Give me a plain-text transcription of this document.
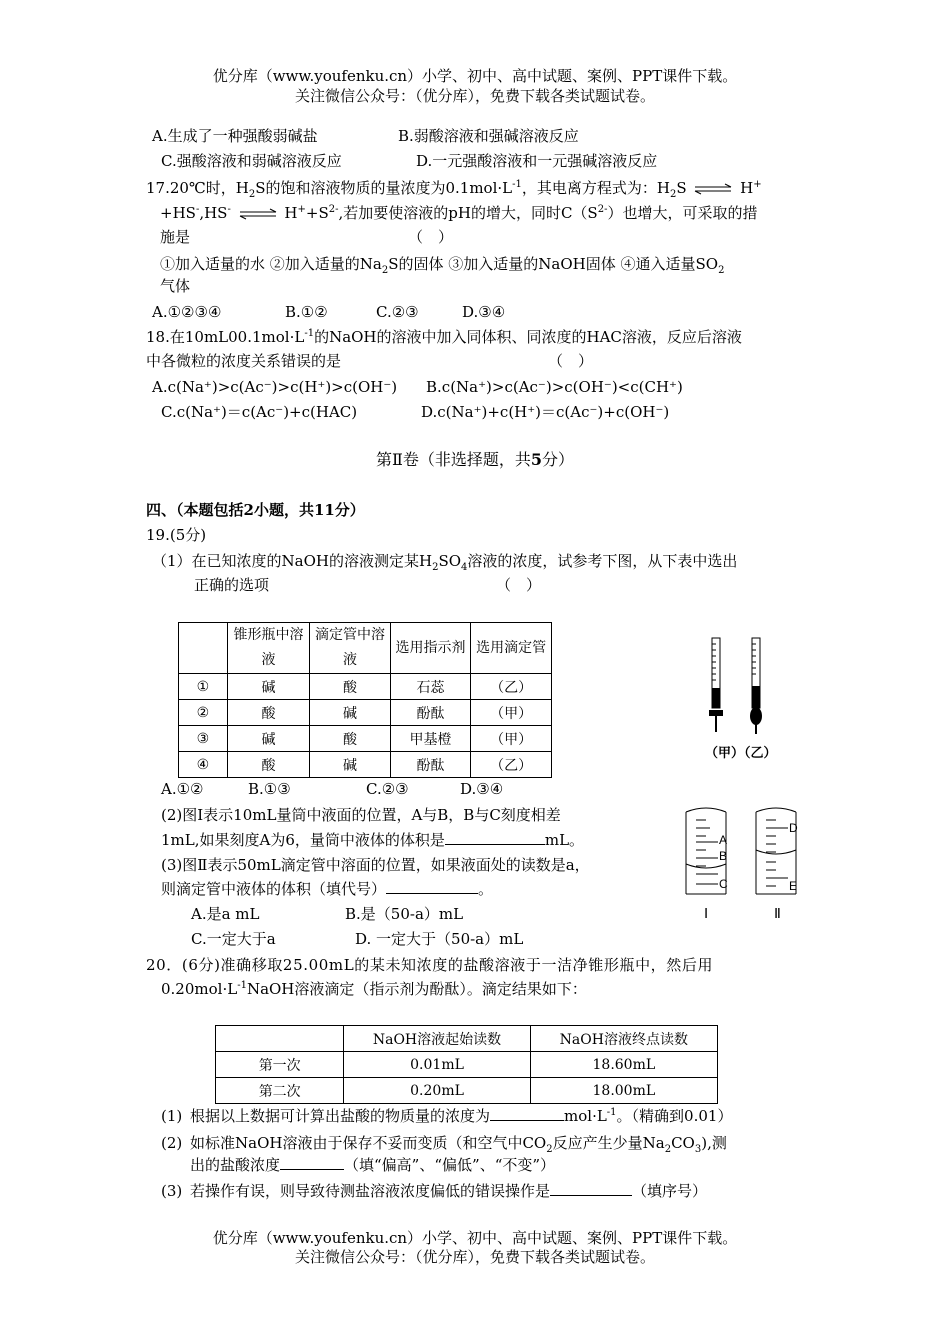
优分库（www.youfenku.cn）小学、初中、高中试题、案例、PPT课件下载。
关注微信公众号：（优分库），免费下载各类试题试卷。
A.生成了一种强酸弱碱盐	B.弱酸溶液和强碱溶液反应
C.强酸溶液和弱碱溶液反应	D.一元强酸溶液和一元强碱溶液反应
17.20℃时，$H_2S$的饱和溶液物质的量浓度为$0.1mol\cdot L^{-1}$，其电离方程式为：$H_2S$ ⇌ H+
+HS-,HS- ⇌ $H^++S^{2-}$,若加要使溶液的pH的增大，同时$C(S^{2-})$也增大，可采取的措
施是	（　）
①加入适量的水 ②加入适量的$Na_2S$的固体 ③加入适量的NaOH固体 ④通入适量$SO_2$
气体
A.①②③④	B.①②	C.②③	D.③④
18.在$10mL00.1mol\cdot L^{-1}$的NaOH的溶液中加入同体积、同浓度的HAC溶液，反应后溶液
中各微粒的浓度关系错误的是	（　）
A.c(Na⁺)>c(Ac⁻)>c(H⁺)>c(OH⁻) B.c(Na⁺)>c(Ac⁻)>c(OH⁻)<c(CH⁺)
C.c(Na⁺)＝c(Ac⁻)+c(HAC)	D.c(Na⁺)+c(H⁺)＝c(Ac⁻)+c(OH⁻)
第Ⅱ卷（非选择题，共5分）
四、（本题包括2小题，共11分）
19.(5分)
（1）在已知浓度的NaOH的溶液测定某$H_2SO_4$溶液的浓度，试参考下图，从下表中选出
正确的选项	（　）
	锥形瓶中溶液	滴定管中溶液	选用指示剂	选用滴定管
①	碱	酸	石蕊	（乙）
②	酸	碱	酚酞	（甲）
③	碱	酸	甲基橙	（甲）
④	酸	碱	酚酞	（乙）
（甲）（乙）
A.①②	B.①③	C.②③	D.③④
(2)图Ⅰ表示10mL量筒中液面的位置，A与B，B与C刻度相差
1mL,如果刻度A为6，量筒中液体的体积是	mL。
(3)图Ⅱ表示50mL滴定管中溶面的位置，如果液面处的读数是a，
则滴定管中液体的体积（填代号）	。
A.是a mL	B.是（50-a）mL
C.一定大于a	D. 一定大于（50-a）mL
A
B
C
D
E
Ⅰ	Ⅱ
20．(6分)准确移取25.00mL的某未知浓度的盐酸溶液于一洁净锥形瓶中，然后用
$0.20mol\cdot L^{-1}NaOH$溶液滴定（指示剂为酚酞）。滴定结果如下：
	NaOH溶液起始读数	NaOH溶液终点读数
第一次	0.01mL	18.60mL
第二次	0.20mL	18.00mL
(1) 根据以上数据可计算出盐酸的物质量的浓度为	$mol\cdot L^{-1}$。（精确到0.01）
(2) 如标准NaOH溶液由于保存不妥而变质（和空气中$CO_2$反应产生少量$Na_2CO_3$),测
出的盐酸浓度	（填“偏高”、“偏低”、“不变”）
(3) 若操作有误，则导致待测盐溶液浓度偏低的错误操作是	（填序号）
优分库（www.youfenku.cn）小学、初中、高中试题、案例、PPT课件下载。
关注微信公众号：（优分库），免费下载各类试题试卷。
